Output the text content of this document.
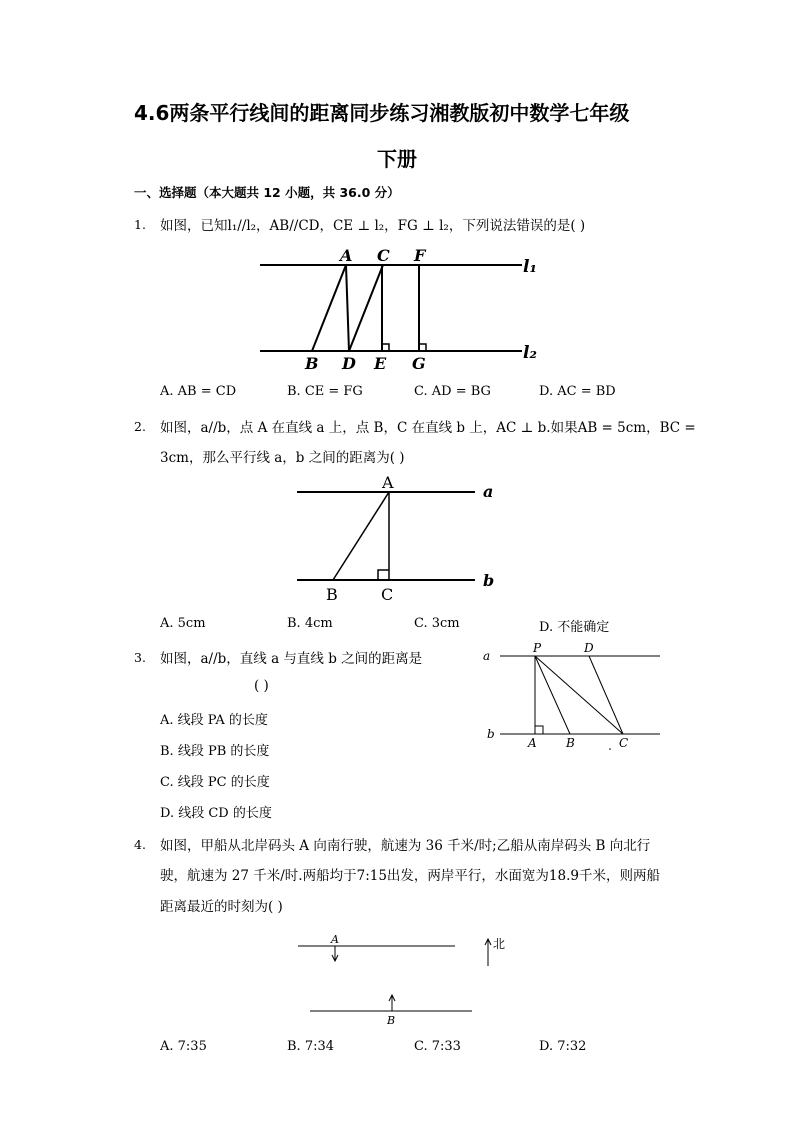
4.6两条平行线间的距离同步练习湘教版初中数学七年级
下册
一、选择题（本大题共 12 小题，共 36.0 分）
1. 如图，已知l₁//l₂，AB//CD，CE ⊥ l₂，FG ⊥ l₂，下列说法错误的是( )
A C F
B D E G
l₁
l₂
A. AB = CD	B. CE = FG	C. AD = BG	D. AC = BD
2. 如图，a//b，点 A 在直线 a 上，点 B，C 在直线 b 上，AC ⊥ b.如果AB = 5cm，BC =
3cm，那么平行线 a，b 之间的距离为( )
A
B	C
a
b
A. 5cm	B. 4cm	C. 3cm	D. 不能确定
3. 如图，a//b，直线 a 与直线 b 之间的距离是
( )
A. 线段 PA 的长度
B. 线段 PB 的长度
C. 线段 PC 的长度
D. 线段 CD 的长度
a
b
P	D
A B	C
4. 如图，甲船从北岸码头 A 向南行驶，航速为 36 千米/时;乙船从南岸码头 B 向北行
驶，航速为 27 千米/时.两船均于7:15出发，两岸平行，水面宽为18.9千米，则两船
距离最近的时刻为( )
A
B
北
A. 7:35	B. 7:34	C. 7:33	D. 7:32
